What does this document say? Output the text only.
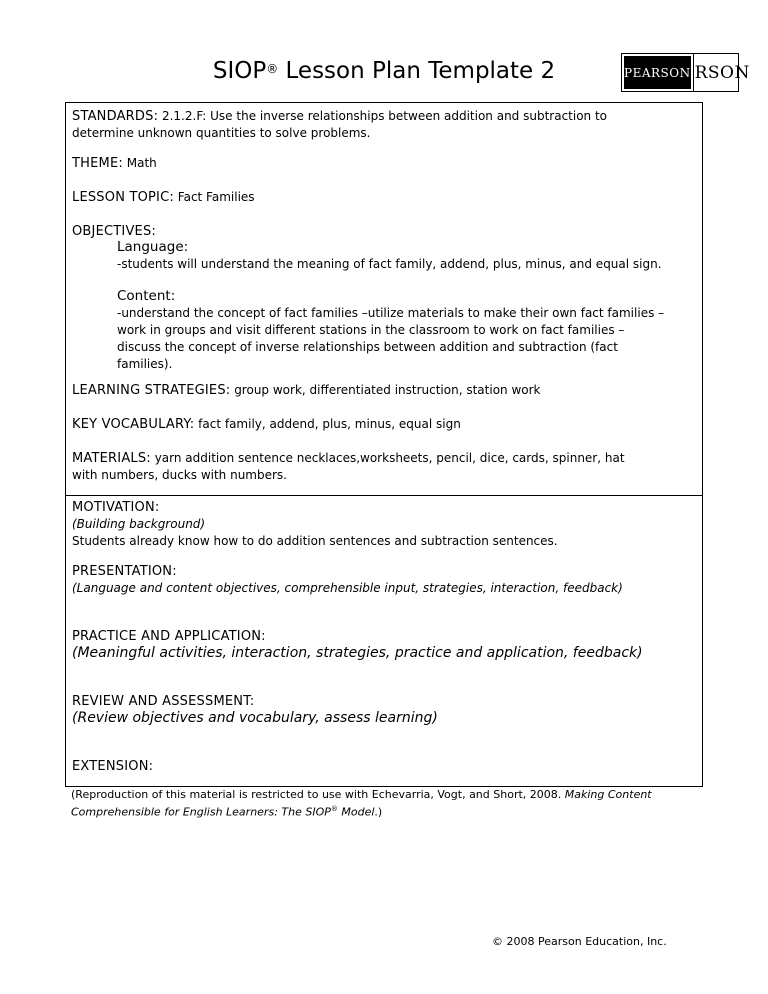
SIOP® Lesson Plan Template 2	PEARSON RSON
STANDARDS: 2.1.2.F: Use the inverse relationships between addition and subtraction to
determine unknown quantities to solve problems.
THEME: Math
LESSON TOPIC: Fact Families
OBJECTIVES:
Language:
-students will understand the meaning of fact family, addend, plus, minus, and equal sign.
Content:
-understand the concept of fact families –utilize materials to make their own fact families –
work in groups and visit different stations in the classroom to work on fact families –
discuss the concept of inverse relationships between addition and subtraction (fact
families).
LEARNING STRATEGIES: group work, differentiated instruction, station work
KEY VOCABULARY: fact family, addend, plus, minus, equal sign
MATERIALS: yarn addition sentence necklaces,worksheets, pencil, dice, cards, spinner, hat
with numbers, ducks with numbers.
MOTIVATION:
(Building background)
Students already know how to do addition sentences and subtraction sentences.
PRESENTATION:
(Language and content objectives, comprehensible input, strategies, interaction, feedback)
PRACTICE AND APPLICATION:
(Meaningful activities, interaction, strategies, practice and application, feedback)
REVIEW AND ASSESSMENT:
(Review objectives and vocabulary, assess learning)
EXTENSION:
(Reproduction of this material is restricted to use with Echevarria, Vogt, and Short, 2008. Making Content
Comprehensible for English Learners: The SIOP® Model.)
© 2008 Pearson Education, Inc.
